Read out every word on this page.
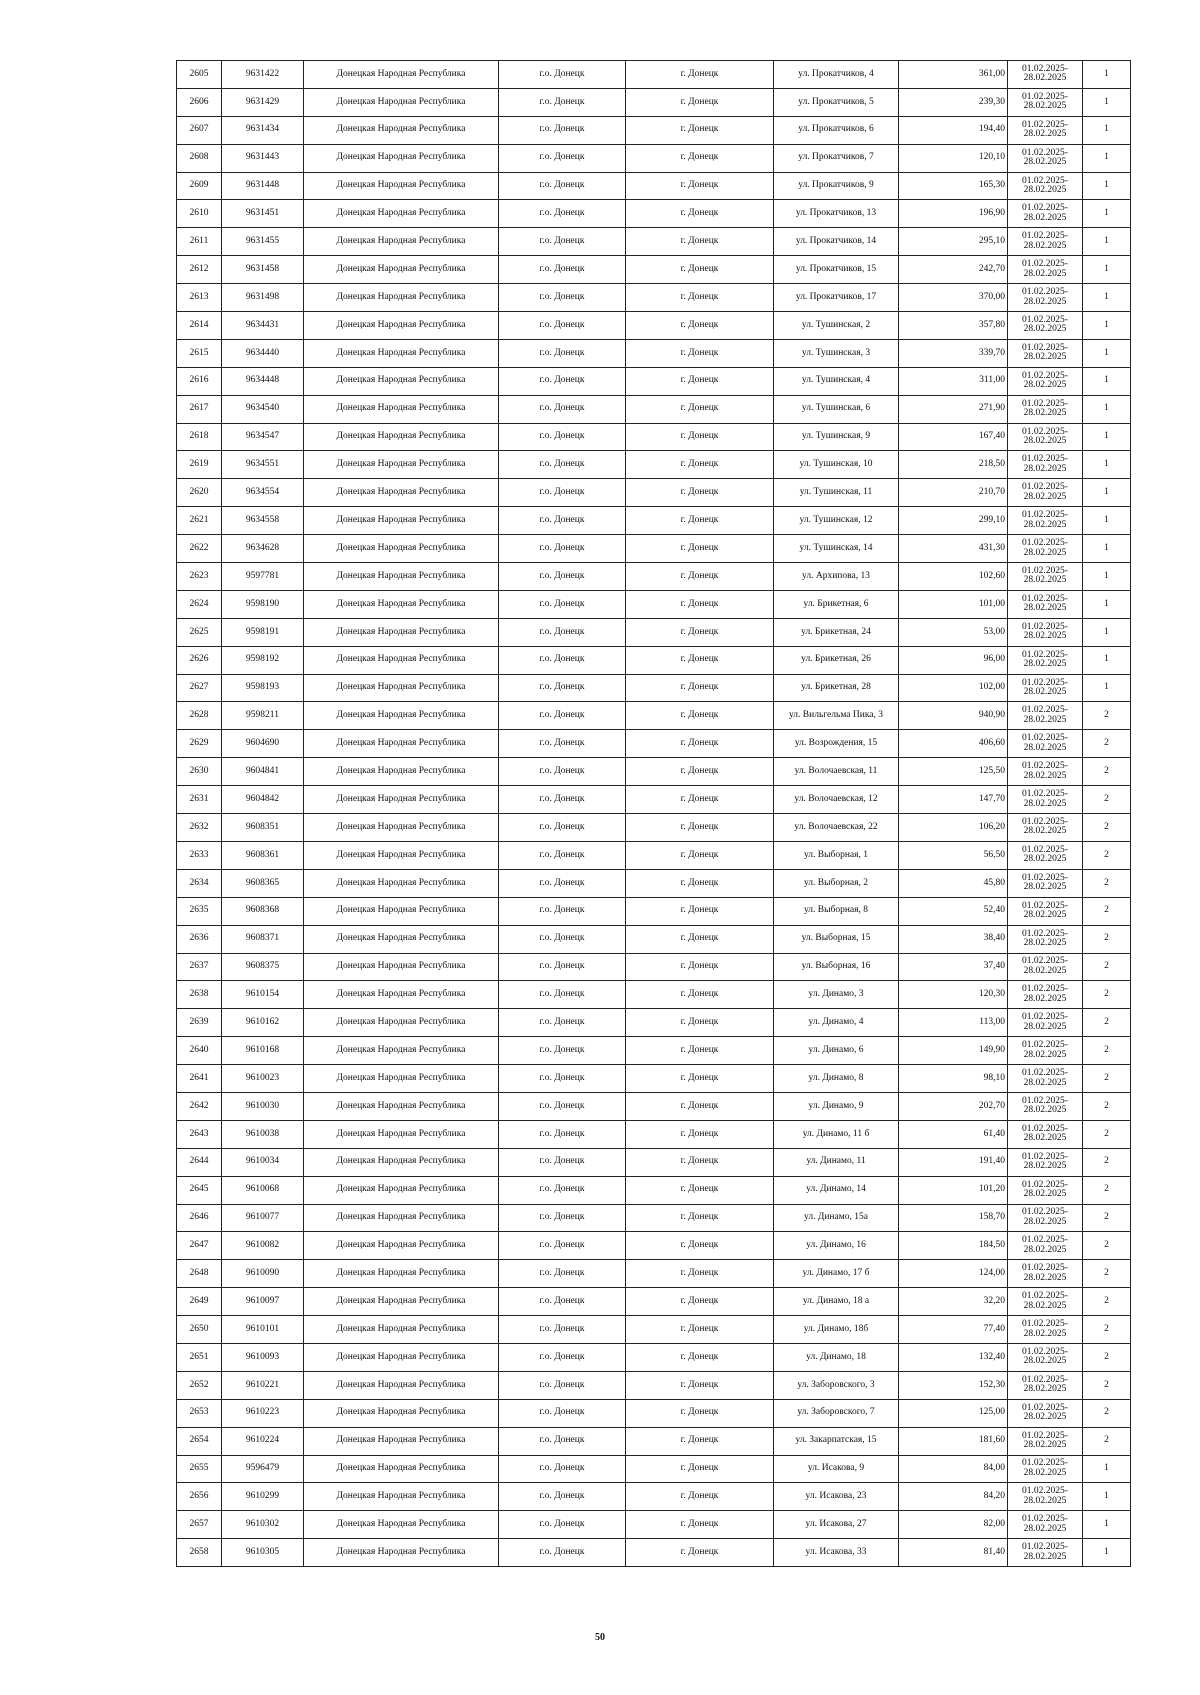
2605	9631422	Донецкая Народная Республика	г.о. Донецк	г. Донецк	ул. Прокатчиков, 4	361,00	01.02.2025-
28.02.2025	1
2606	9631429	Донецкая Народная Республика	г.о. Донецк	г. Донецк	ул. Прокатчиков, 5	239,30	01.02.2025-
28.02.2025	1
2607	9631434	Донецкая Народная Республика	г.о. Донецк	г. Донецк	ул. Прокатчиков, 6	194,40	01.02.2025-
28.02.2025	1
2608	9631443	Донецкая Народная Республика	г.о. Донецк	г. Донецк	ул. Прокатчиков, 7	120,10	01.02.2025-
28.02.2025	1
2609	9631448	Донецкая Народная Республика	г.о. Донецк	г. Донецк	ул. Прокатчиков, 9	165,30	01.02.2025-
28.02.2025	1
2610	9631451	Донецкая Народная Республика	г.о. Донецк	г. Донецк	ул. Прокатчиков, 13	196,90	01.02.2025-
28.02.2025	1
2611	9631455	Донецкая Народная Республика	г.о. Донецк	г. Донецк	ул. Прокатчиков, 14	295,10	01.02.2025-
28.02.2025	1
2612	9631458	Донецкая Народная Республика	г.о. Донецк	г. Донецк	ул. Прокатчиков, 15	242,70	01.02.2025-
28.02.2025	1
2613	9631498	Донецкая Народная Республика	г.о. Донецк	г. Донецк	ул. Прокатчиков, 17	370,00	01.02.2025-
28.02.2025	1
2614	9634431	Донецкая Народная Республика	г.о. Донецк	г. Донецк	ул. Тушинская, 2	357,80	01.02.2025-
28.02.2025	1
2615	9634440	Донецкая Народная Республика	г.о. Донецк	г. Донецк	ул. Тушинская, 3	339,70	01.02.2025-
28.02.2025	1
2616	9634448	Донецкая Народная Республика	г.о. Донецк	г. Донецк	ул. Тушинская, 4	311,00	01.02.2025-
28.02.2025	1
2617	9634540	Донецкая Народная Республика	г.о. Донецк	г. Донецк	ул. Тушинская, 6	271,90	01.02.2025-
28.02.2025	1
2618	9634547	Донецкая Народная Республика	г.о. Донецк	г. Донецк	ул. Тушинская, 9	167,40	01.02.2025-
28.02.2025	1
2619	9634551	Донецкая Народная Республика	г.о. Донецк	г. Донецк	ул. Тушинская, 10	218,50	01.02.2025-
28.02.2025	1
2620	9634554	Донецкая Народная Республика	г.о. Донецк	г. Донецк	ул. Тушинская, 11	210,70	01.02.2025-
28.02.2025	1
2621	9634558	Донецкая Народная Республика	г.о. Донецк	г. Донецк	ул. Тушинская, 12	299,10	01.02.2025-
28.02.2025	1
2622	9634628	Донецкая Народная Республика	г.о. Донецк	г. Донецк	ул. Тушинская, 14	431,30	01.02.2025-
28.02.2025	1
2623	9597781	Донецкая Народная Республика	г.о. Донецк	г. Донецк	ул. Архипова, 13	102,60	01.02.2025-
28.02.2025	1
2624	9598190	Донецкая Народная Республика	г.о. Донецк	г. Донецк	ул. Брикетная, 6	101,00	01.02.2025-
28.02.2025	1
2625	9598191	Донецкая Народная Республика	г.о. Донецк	г. Донецк	ул. Брикетная, 24	53,00	01.02.2025-
28.02.2025	1
2626	9598192	Донецкая Народная Республика	г.о. Донецк	г. Донецк	ул. Брикетная, 26	96,00	01.02.2025-
28.02.2025	1
2627	9598193	Донецкая Народная Республика	г.о. Донецк	г. Донецк	ул. Брикетная, 28	102,00	01.02.2025-
28.02.2025	1
2628	9598211	Донецкая Народная Республика	г.о. Донецк	г. Донецк	ул. Вильгельма Пика, 3	940,90	01.02.2025-
28.02.2025	2
2629	9604690	Донецкая Народная Республика	г.о. Донецк	г. Донецк	ул. Возрождения, 15	406,60	01.02.2025-
28.02.2025	2
2630	9604841	Донецкая Народная Республика	г.о. Донецк	г. Донецк	ул. Волочаевская, 11	125,50	01.02.2025-
28.02.2025	2
2631	9604842	Донецкая Народная Республика	г.о. Донецк	г. Донецк	ул. Волочаевская, 12	147,70	01.02.2025-
28.02.2025	2
2632	9608351	Донецкая Народная Республика	г.о. Донецк	г. Донецк	ул. Волочаевская, 22	106,20	01.02.2025-
28.02.2025	2
2633	9608361	Донецкая Народная Республика	г.о. Донецк	г. Донецк	ул. Выборная, 1	56,50	01.02.2025-
28.02.2025	2
2634	9608365	Донецкая Народная Республика	г.о. Донецк	г. Донецк	ул. Выборная, 2	45,80	01.02.2025-
28.02.2025	2
2635	9608368	Донецкая Народная Республика	г.о. Донецк	г. Донецк	ул. Выборная, 8	52,40	01.02.2025-
28.02.2025	2
2636	9608371	Донецкая Народная Республика	г.о. Донецк	г. Донецк	ул. Выборная, 15	38,40	01.02.2025-
28.02.2025	2
2637	9608375	Донецкая Народная Республика	г.о. Донецк	г. Донецк	ул. Выборная, 16	37,40	01.02.2025-
28.02.2025	2
2638	9610154	Донецкая Народная Республика	г.о. Донецк	г. Донецк	ул. Динамо, 3	120,30	01.02.2025-
28.02.2025	2
2639	9610162	Донецкая Народная Республика	г.о. Донецк	г. Донецк	ул. Динамо, 4	113,00	01.02.2025-
28.02.2025	2
2640	9610168	Донецкая Народная Республика	г.о. Донецк	г. Донецк	ул. Динамо, 6	149,90	01.02.2025-
28.02.2025	2
2641	9610023	Донецкая Народная Республика	г.о. Донецк	г. Донецк	ул. Динамо, 8	98,10	01.02.2025-
28.02.2025	2
2642	9610030	Донецкая Народная Республика	г.о. Донецк	г. Донецк	ул. Динамо, 9	202,70	01.02.2025-
28.02.2025	2
2643	9610038	Донецкая Народная Республика	г.о. Донецк	г. Донецк	ул. Динамо, 11 б	61,40	01.02.2025-
28.02.2025	2
2644	9610034	Донецкая Народная Республика	г.о. Донецк	г. Донецк	ул. Динамо, 11	191,40	01.02.2025-
28.02.2025	2
2645	9610068	Донецкая Народная Республика	г.о. Донецк	г. Донецк	ул. Динамо, 14	101,20	01.02.2025-
28.02.2025	2
2646	9610077	Донецкая Народная Республика	г.о. Донецк	г. Донецк	ул. Динамо, 15а	158,70	01.02.2025-
28.02.2025	2
2647	9610082	Донецкая Народная Республика	г.о. Донецк	г. Донецк	ул. Динамо, 16	184,50	01.02.2025-
28.02.2025	2
2648	9610090	Донецкая Народная Республика	г.о. Донецк	г. Донецк	ул. Динамо, 17 б	124,00	01.02.2025-
28.02.2025	2
2649	9610097	Донецкая Народная Республика	г.о. Донецк	г. Донецк	ул. Динамо, 18 а	32,20	01.02.2025-
28.02.2025	2
2650	9610101	Донецкая Народная Республика	г.о. Донецк	г. Донецк	ул. Динамо, 18б	77,40	01.02.2025-
28.02.2025	2
2651	9610093	Донецкая Народная Республика	г.о. Донецк	г. Донецк	ул. Динамо, 18	132,40	01.02.2025-
28.02.2025	2
2652	9610221	Донецкая Народная Республика	г.о. Донецк	г. Донецк	ул. Заборовского, 3	152,30	01.02.2025-
28.02.2025	2
2653	9610223	Донецкая Народная Республика	г.о. Донецк	г. Донецк	ул. Заборовского, 7	125,00	01.02.2025-
28.02.2025	2
2654	9610224	Донецкая Народная Республика	г.о. Донецк	г. Донецк	ул. Закарпатская, 15	181,60	01.02.2025-
28.02.2025	2
2655	9596479	Донецкая Народная Республика	г.о. Донецк	г. Донецк	ул. Исакова, 9	84,00	01.02.2025-
28.02.2025	1
2656	9610299	Донецкая Народная Республика	г.о. Донецк	г. Донецк	ул. Исакова, 23	84,20	01.02.2025-
28.02.2025	1
2657	9610302	Донецкая Народная Республика	г.о. Донецк	г. Донецк	ул. Исакова, 27	82,00	01.02.2025-
28.02.2025	1
2658	9610305	Донецкая Народная Республика	г.о. Донецк	г. Донецк	ул. Исакова, 33	81,40	01.02.2025-
28.02.2025	1
50
